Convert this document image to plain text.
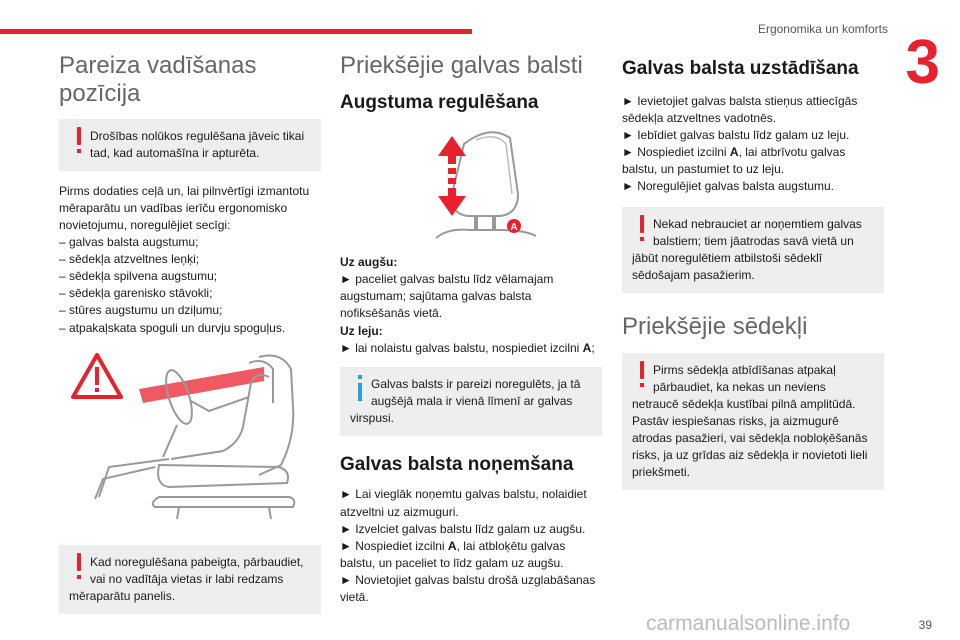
Ergonomika un komforts 3
Pareiza vadīšanas
pozīcija
Drošības nolūkos regulēšana jāveic tikai
tad, kad automašīna ir apturēta.
Pirms dodaties ceļā un, lai pilnvērtīgi izmantotu
mēraparātu un vadības ierīču ergonomisko
novietojumu, noregulējiet secīgi:
– galvas balsta augstumu;
– sēdekļa atzveltnes leņķi;
– sēdekļa spilvena augstumu;
– sēdekļa garenisko stāvokli;
– stūres augstumu un dziļumu;
– atpakaļskata spoguli un durvju spoguļus.
Kad noregulēšana pabeigta, pārbaudiet,
vai no vadītāja vietas ir labi redzams
mēraparātu panelis.
Priekšējie galvas balsti
Augstuma regulēšana
A
Uz augšu:
► paceliet galvas balstu līdz vēlamajam
augstumam; sajūtama galvas balsta
nofiksēšanās vietā.
Uz leju:
► lai nolaistu galvas balstu, nospiediet izcilni A;
Galvas balsts ir pareizi noregulēts, ja tā
augšējā mala ir vienā līmenī ar galvas
virspusi.
Galvas balsta noņemšana
► Lai vieglāk noņemtu galvas balstu, nolaidiet
atzveltni uz aizmuguri.
► Izvelciet galvas balstu līdz galam uz augšu.
► Nospiediet izcilni A, lai atbloķētu galvas
balstu, un paceliet to līdz galam uz augšu.
► Novietojiet galvas balstu drošā uzglabāšanas
vietā.
Galvas balsta uzstādīšana
► Ievietojiet galvas balsta stieņus attiecīgās
sēdekļa atzveltnes vadotnēs.
► Iebīdiet galvas balstu līdz galam uz leju.
► Nospiediet izcilni A, lai atbrīvotu galvas
balstu, un pastumiet to uz leju.
► Noregulējiet galvas balsta augstumu.
Nekad nebrauciet ar noņemtiem galvas
balstiem; tiem jāatrodas savā vietā un
jābūt noregulētiem atbilstoši sēdeklī
sēdošajam pasažierim.
Priekšējie sēdekļi
Pirms sēdekļa atbīdīšanas atpakaļ
pārbaudiet, ka nekas un neviens
netraucē sēdekļa kustībai pilnā amplitūdā.
Pastāv iespiešanas risks, ja aizmugurē
atrodas pasažieri, vai sēdekļa nobloķēšanās
risks, ja uz grīdas aiz sēdekļa ir novietoti lieli
priekšmeti.
carmanualsonline.info	39
